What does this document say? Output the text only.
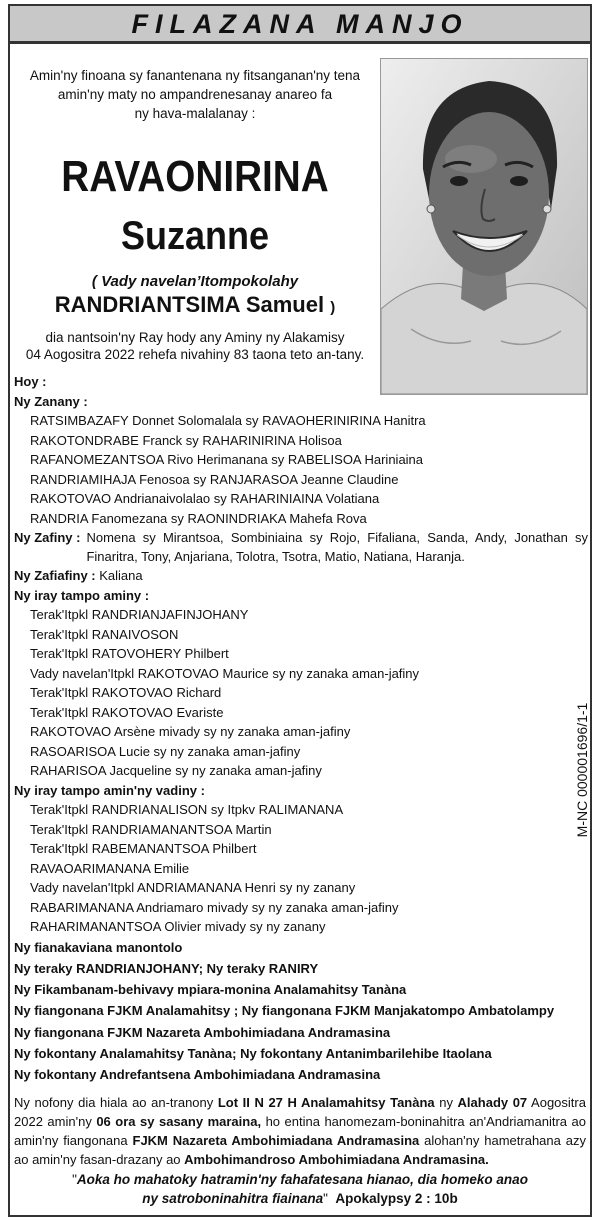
FILAZANA MANJO

Amin'ny finoana sy fanantenana ny fitsanganan'ny tena
amin'ny maty no ampandrenesanay anareo fa
ny hava-malalanay :

RAVAONIRINA

Suzanne

( Vady navelan’Itompokolahy

RANDRIANTSIMA Samuel )

dia nantsoin'ny Ray hody any Aminy ny Alakamisy
04 Aogositra 2022 rehefa nivahiny 83 taona teto an-tany.

Hoy :
Ny Zanany :
RATSIMBAZAFY Donnet Solomalala sy RAVAOHERINIRINA Hanitra
RAKOTONDRABE Franck sy RAHARINIRINA Holisoa
RAFANOMEZANTSOA Rivo Herimanana sy RABELISOA Hariniaina
RANDRIAMIHAJA Fenosoa sy RANJARASOA Jeanne Claudine
RAKOTOVAO Andrianaivolalao sy RAHARINIAINA Volatiana
RANDRIA Fanomezana sy RAONINDRIAKA Mahefa Rova
Ny Zafiny : Nomena sy Mirantsoa, Sombiniaina sy Rojo, Fifaliana, Sanda, Andy, Jonathan sy Finaritra, Tony, Anjariana, Tolotra, Tsotra, Matio, Natiana, Haranja.
Ny Zafiafiny : Kaliana
Ny iray tampo aminy :
Terak'Itpkl RANDRIANJAFINJOHANY
Terak'Itpkl RANAIVOSON
Terak'Itpkl RATOVOHERY Philbert
Vady navelan'Itpkl RAKOTOVAO Maurice sy ny zanaka aman-jafiny
Terak'Itpkl RAKOTOVAO Richard
Terak'Itpkl RAKOTOVAO Evariste
RAKOTOVAO Arsène mivady sy ny zanaka aman-jafiny
RASOARISOA Lucie sy ny zanaka aman-jafiny
RAHARISOA Jacqueline sy ny zanaka aman-jafiny
Ny iray tampo amin'ny vadiny :
Terak'Itpkl RANDRIANALISON sy Itpkv RALIMANANA
Terak'Itpkl RANDRIAMANANTSOA Martin
Terak'Itpkl RABEMANANTSOA Philbert
RAVAOARIMANANA Emilie
Vady navelan'Itpkl ANDRIAMANANA Henri sy ny zanany
RABARIMANANA Andriamaro mivady sy ny zanaka aman-jafiny
RAHARIMANANTSOA Olivier mivady sy ny zanany
Ny fianakaviana manontolo
Ny teraky RANDRIANJOHANY; Ny teraky RANIRY
Ny Fikambanam-behivavy mpiara-monina Analamahitsy Tanàna
Ny fiangonana FJKM Analamahitsy ; Ny fiangonana FJKM Manjakatompo Ambatolampy
Ny fiangonana FJKM Nazareta Ambohimiadana Andramasina
Ny fokontany Analamahitsy Tanàna; Ny fokontany Antanimbarilehibe Itaolana
Ny fokontany Andrefantsena Ambohimiadana Andramasina

Ny nofony dia hiala ao an-tranony Lot II N 27 H Analamahitsy Tanàna ny Alahady 07 Aogositra 2022 amin'ny 06 ora sy sasany maraina, ho entina hanomezam-boninahitra an'Andriamanitra ao amin'ny fiangonana FJKM Nazareta Ambohimiadana Andramasina alohan'ny hametrahana azy ao amin'ny fasan-drazany ao Ambohimandroso Ambohimiadana Andramasina.

"Aoka ho mahatoky hatramin'ny fahafatesana hianao, dia homeko anao
ny satroboninahitra fiainana" Apokalypsy 2 : 10b

M-NC 000001696/1-1
